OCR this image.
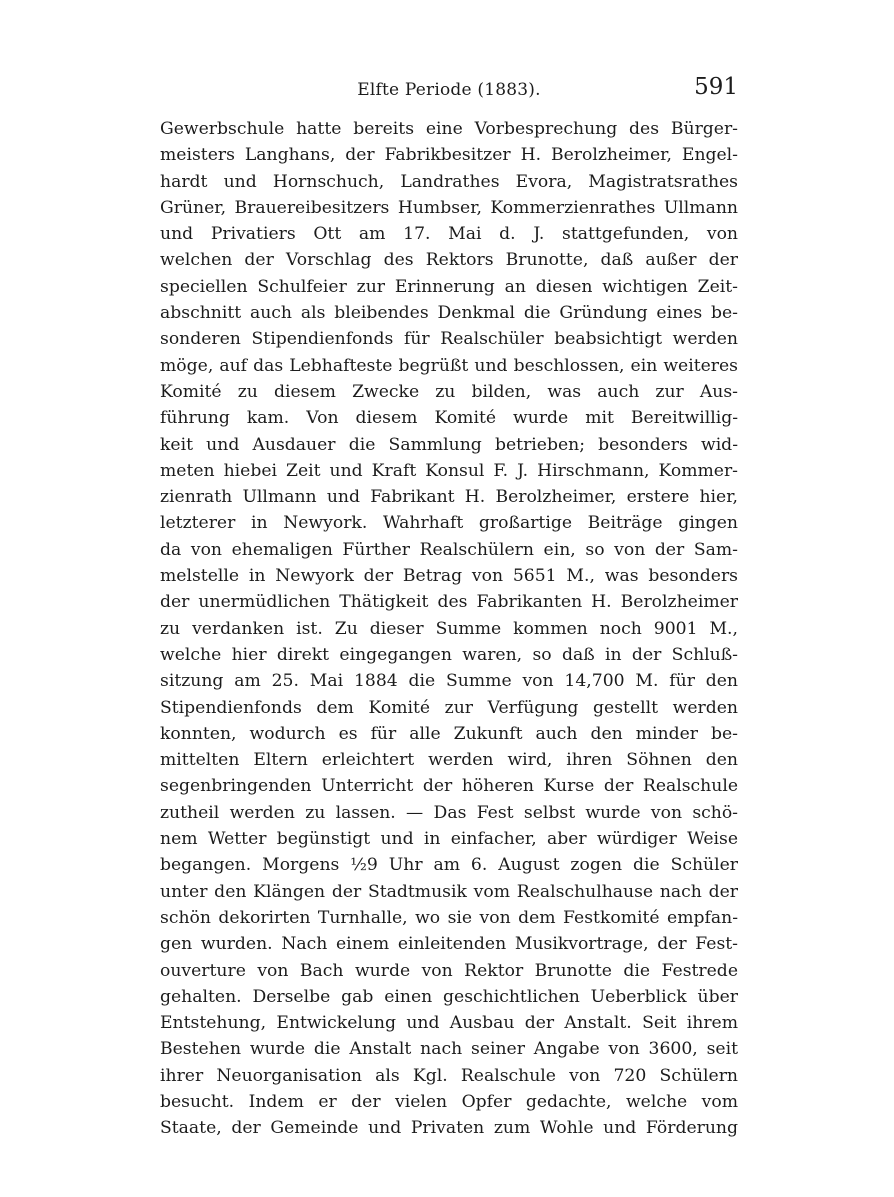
Elfte Periode (1883).	591
Gewerbschule hatte bereits eine Vorbesprechung des Bürger-
meisters Langhans, der Fabrikbesitzer H. Berolzheimer, Engel-
hardt und Hornschuch, Landrathes Evora, Magistratsrathes
Grüner, Brauereibesitzers Humbser, Kommerzienrathes Ullmann
und Privatiers Ott am 17. Mai d. J. stattgefunden, von
welchen der Vorschlag des Rektors Brunotte, daß außer der
speciellen Schulfeier zur Erinnerung an diesen wichtigen Zeit-
abschnitt auch als bleibendes Denkmal die Gründung eines be-
sonderen Stipendienfonds für Realschüler beabsichtigt werden
möge, auf das Lebhafteste begrüßt und beschlossen, ein weiteres
Komité zu diesem Zwecke zu bilden, was auch zur Aus-
führung kam. Von diesem Komité wurde mit Bereitwillig-
keit und Ausdauer die Sammlung betrieben; besonders wid-
meten hiebei Zeit und Kraft Konsul F. J. Hirschmann, Kommer-
zienrath Ullmann und Fabrikant H. Berolzheimer, erstere hier,
letzterer in Newyork. Wahrhaft großartige Beiträge gingen
da von ehemaligen Fürther Realschülern ein, so von der Sam-
melstelle in Newyork der Betrag von 5651 M., was besonders
der unermüdlichen Thätigkeit des Fabrikanten H. Berolzheimer
zu verdanken ist. Zu dieser Summe kommen noch 9001 M.,
welche hier direkt eingegangen waren, so daß in der Schluß-
sitzung am 25. Mai 1884 die Summe von 14,700 M. für den
Stipendienfonds dem Komité zur Verfügung gestellt werden
konnten, wodurch es für alle Zukunft auch den minder be-
mittelten Eltern erleichtert werden wird, ihren Söhnen den
segenbringenden Unterricht der höheren Kurse der Realschule
zutheil werden zu lassen. — Das Fest selbst wurde von schö-
nem Wetter begünstigt und in einfacher, aber würdiger Weise
begangen. Morgens ½9 Uhr am 6. August zogen die Schüler
unter den Klängen der Stadtmusik vom Realschulhause nach der
schön dekorirten Turnhalle, wo sie von dem Festkomité empfan-
gen wurden. Nach einem einleitenden Musikvortrage, der Fest-
ouverture von Bach wurde von Rektor Brunotte die Festrede
gehalten. Derselbe gab einen geschichtlichen Ueberblick über
Entstehung, Entwickelung und Ausbau der Anstalt. Seit ihrem
Bestehen wurde die Anstalt nach seiner Angabe von 3600, seit
ihrer Neuorganisation als Kgl. Realschule von 720 Schülern
besucht. Indem er der vielen Opfer gedachte, welche vom
Staate, der Gemeinde und Privaten zum Wohle und Förderung
